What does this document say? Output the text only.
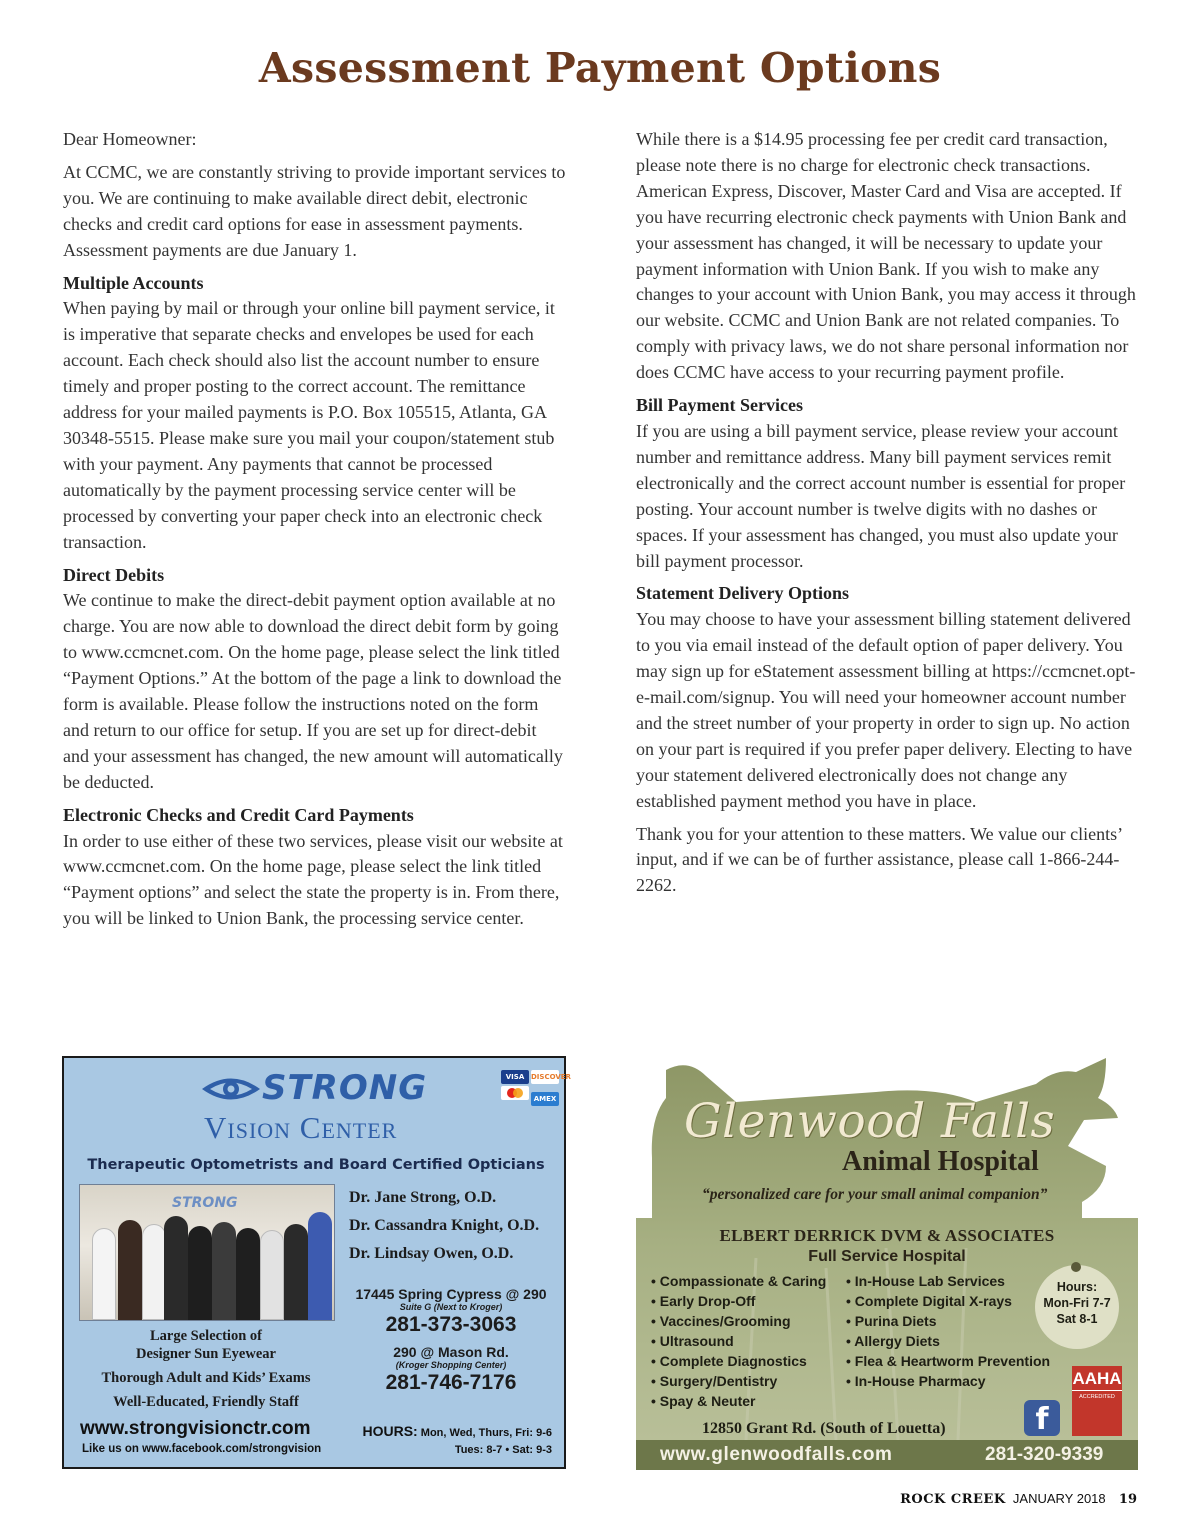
Assessment Payment Options

Dear Homeowner:

At CCMC, we are constantly striving to provide important services to you. We are continuing to make available direct debit, electronic checks and credit card options for ease in assessment payments. Assessment payments are due January 1.

Multiple Accounts

When paying by mail or through your online bill payment service, it is imperative that separate checks and envelopes be used for each account. Each check should also list the account number to ensure timely and proper posting to the correct account. The remittance address for your mailed payments is P.O. Box 105515, Atlanta, GA 30348-5515. Please make sure you mail your coupon/statement stub with your payment. Any payments that cannot be processed automatically by the payment processing service center will be processed by converting your paper check into an electronic check transaction.

Direct Debits

We continue to make the direct-debit payment option available at no charge. You are now able to download the direct debit form by going to www.ccmcnet.com. On the home page, please select the link titled “Payment Options.” At the bottom of the page a link to download the form is available. Please follow the instructions noted on the form and return to our office for setup. If you are set up for direct-debit and your assessment has changed, the new amount will automatically be deducted.

Electronic Checks and Credit Card Payments

In order to use either of these two services, please visit our website at www.ccmcnet.com. On the home page, please select the link titled “Payment options” and select the state the property is in. From there, you will be linked to Union Bank, the processing service center.

While there is a $14.95 processing fee per credit card transaction, please note there is no charge for electronic check transactions. American Express, Discover, Master Card and Visa are accepted. If you have recurring electronic check payments with Union Bank and your assessment has changed, it will be necessary to update your payment information with Union Bank. If you wish to make any changes to your account with Union Bank, you may access it through our website. CCMC and Union Bank are not related companies. To comply with privacy laws, we do not share personal information nor does CCMC have access to your recurring payment profile.

Bill Payment Services

If you are using a bill payment service, please review your account number and remittance address. Many bill payment services remit electronically and the correct account number is essential for proper posting. Your account number is twelve digits with no dashes or spaces. If your assessment has changed, you must also update your bill payment processor.

Statement Delivery Options

You may choose to have your assessment billing statement delivered to you via email instead of the default option of paper delivery. You may sign up for eStatement assessment billing at https://ccmcnet.opt-e-mail.com/signup. You will need your homeowner account number and the street number of your property in order to sign up. No action on your part is required if you prefer paper delivery. Electing to have your statement delivered electronically does not change any established payment method you have in place.

Thank you for your attention to these matters. We value our clients’ input, and if we can be of further assistance, please call 1-866-244-2262.

STRONG
Vision Center
VISA DISCOVERAMEX
Therapeutic Optometrists and Board Certified Opticians
STRONG	Dr. Jane Strong, O.D.
Dr. Cassandra Knight, O.D.
Dr. Lindsay Owen, O.D.
17445 Spring Cypress @ 290
Suite G (Next to Kroger)
281-373-3063
290 @ Mason Rd.
(Kroger Shopping Center)
281-746-7176
Large Selection of
Designer Sun Eyewear
Thorough Adult and Kids’ Exams
Well-Educated, Friendly Staff
www.strongvisionctr.com
Like us on www.facebook.com/strongvision
HOURS: Mon, Wed, Thurs, Fri: 9-6
Tues: 8-7 • Sat: 9-3
Glenwood Falls
Animal Hospital
“personalized care for your small animal companion”
ELBERT DERRICK DVM & ASSOCIATES
Full Service Hospital
• Compassionate & Caring
• Early Drop-Off
• Vaccines/Grooming
• Ultrasound
• Complete Diagnostics
• Surgery/Dentistry
• Spay & Neuter
• In-House Lab Services
• Complete Digital X-rays
• Purina Diets
• Allergy Diets
• Flea & Heartworm Prevention
• In-House Pharmacy
Hours:
Mon-Fri 7-7
Sat 8-1
12850 Grant Rd. (South of Louetta)	f
AAHA
ACCREDITED
www.glenwoodfalls.com	281-320-9339
ROCK CREEK JANUARY 2018 19
